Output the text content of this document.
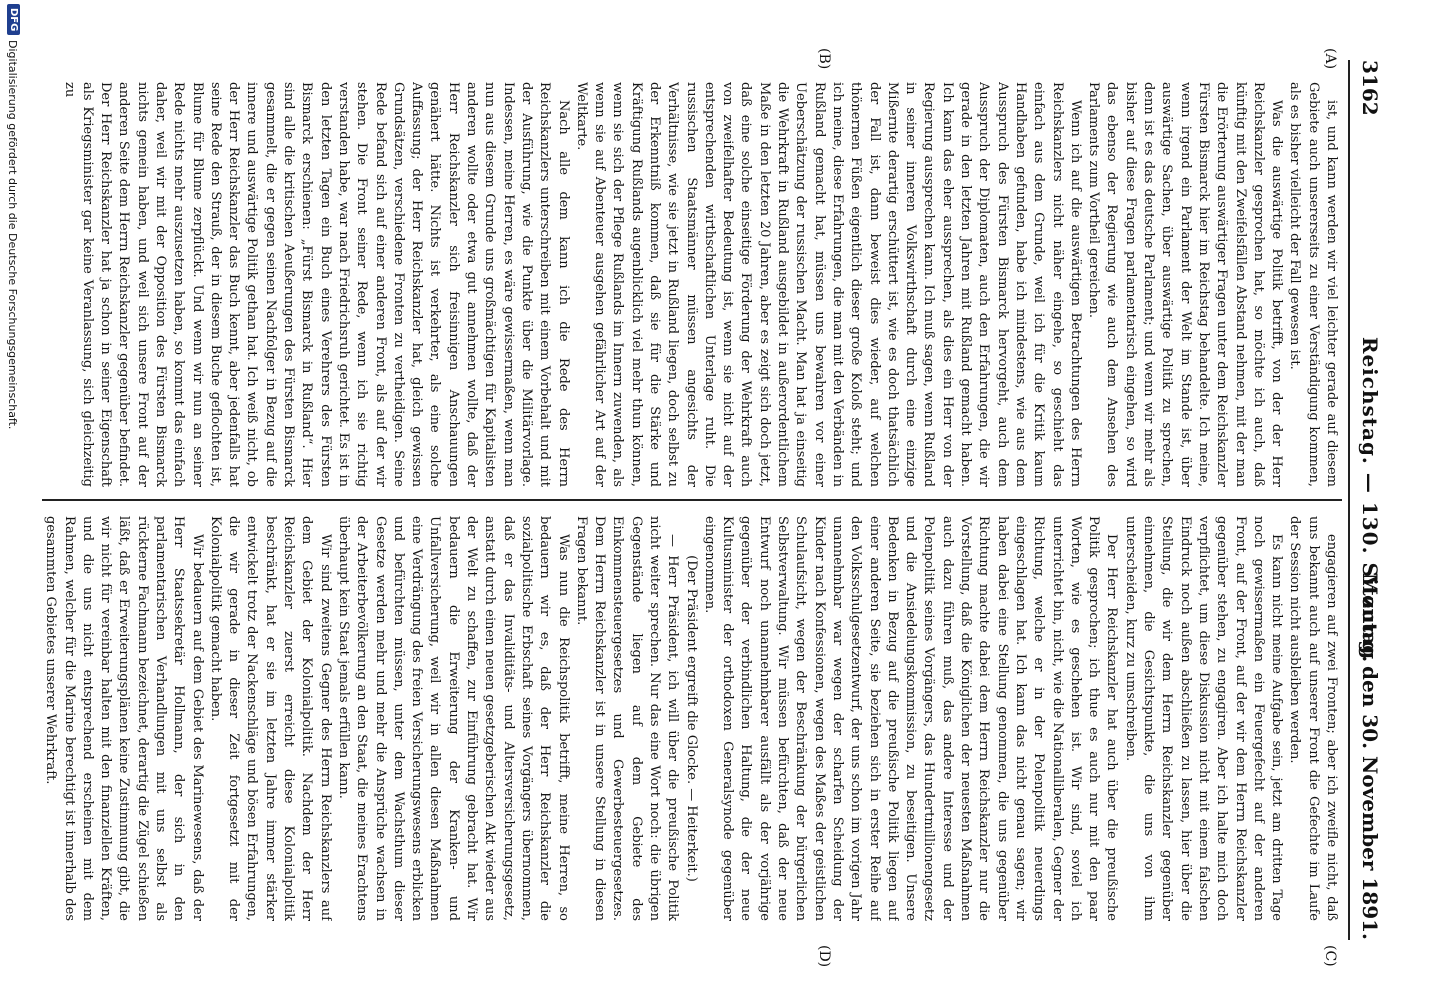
3162
Reichstag. — 130. Sitzung.
Montag den 30. November 1891.
(A)
(B)
(C)
(D)

ist, und kann werden wir viel leichter gerade auf diesem Gebiete auch unsererseits zu einer Verständigung kommen, als es bisher vielleicht der Fall gewesen ist.

Was die auswärtige Politik betrifft, von der der Herr Reichskanzler gesprochen hat, so möchte ich auch, daß künftig mit den Zweifelsfällen Abstand nehmen, mit der man die Erörterung auswärtiger Fragen unter dem Reichskanzler Fürsten Bismarck hier im Reichstag behandelte. Ich meine, wenn irgend ein Parlament der Welt im Stande ist, über auswärtige Sachen, über auswärtige Politik zu sprechen, denn ist es das deutsche Parlament; und wenn wir mehr als bisher auf diese Fragen parlamentarisch eingehen, so wird das ebenso der Regierung wie auch dem Ansehen des Parlaments zum Vortheil gereichen.

Wenn ich auf die auswärtigen Betrachtungen des Herrn Reichskanzlers nicht näher eingehe, so geschieht das einfach aus dem Grunde, weil ich für die Kritik kaum Handhaben gefunden, habe ich mindestens, wie aus dem Ausspruch des Fürsten Bismarck hervorgeht, auch dem Ausspruch der Diplomaten, auch den Erfahrungen, die wir gerade in den letzten Jahren mit Rußland gemacht haben. Ich kann das eher aussprechen, als dies ein Herr von der Regierung aussprechen kann. Ich muß sagen, wenn Rußland in seiner inneren Volkswirthschaft durch eine einzige Mißernte derartig erschüttert ist, wie es doch thatsächlich der Fall ist, dann beweist dies wieder, auf welchen thönernen Füßen eigentlich dieser große Koloß steht; und ich meine, diese Erfahrungen, die man mit den Verbänden in Rußland gemacht hat, müssen uns bewahren vor einer Ueberschätzung der russischen Macht. Man hat ja einseitig die Wehrkraft in Rußland ausgebildet in außerordentlichem Maße in den letzten 20 Jahren, aber es zeigt sich doch jetzt, daß eine solche einseitige Förderung der Wehrkraft auch von zweifelhafter Bedeutung ist, wenn sie nicht auf der entsprechenden wirthschaftlichen Unterlage ruht. Die russischen Staatsmänner müssen angesichts der Verhältnisse, wie sie jetzt in Rußland liegen, doch selbst zu der Erkenntniß kommen, daß sie für die Stärke und Kräftigung Rußlands augenblicklich viel mehr thun können, wenn sie sich der Pflege Rußlands im Innern zuwenden, als wenn sie auf Abenteuer ausgehen gefährlicher Art auf der Weltkarte.

Nach alle dem kann ich die Rede des Herrn Reichskanzlers unterschreiben mit einem Vorbehalt und mit der Ausführung, wie die Punkte über die Militärvorlage. Indessen, meine Herren, es wäre gewissermaßen, wenn man nun aus diesem Grunde uns großmächtigen für Kapitalisten anderen wollte oder etwa gut annehmen wollte, daß der Herr Reichskanzler sich freisinnigen Anschauungen genähert hätte. Nichts ist verkehrter, als eine solche Auffassung; der Herr Reichskanzler hat, gleich gewissen Grundsätzen, verschiedene Fronten zu vertheidigen. Seine Rede befand sich auf einer anderen Front, als auf der wir stehen. Die Front seiner Rede, wenn ich sie richtig verstanden habe, war nach Friedrichsruh gerichtet. Es ist in den letzten Tagen ein Buch eines Verehrers des Fürsten Bismarck erschienen: „Fürst Bismarck in Rußland“. Hier sind alle die kritischen Aeußerungen des Fürsten Bismarck gesammelt, die er gegen seinen Nachfolger in Bezug auf die innere und auswärtige Politik gethan hat. Ich weiß nicht, ob der Herr Reichskanzler das Buch kennt, aber jedenfalls hat seine Rede den Strauß, der in diesem Buche geflochten ist, Blume für Blume zerpflückt. Und wenn wir nun an seiner Rede nichts mehr auszusetzen haben, so kommt das einfach daher, weil wir mit der Opposition des Fürsten Bismarck nichts gemein haben, und weil sich unsere Front auf der anderen Seite dem Herrn Reichskanzler gegenüber befindet. Der Herr Reichskanzler hat ja schon in seiner Eigenschaft als Kriegsminister gar keine Veranlassung, sich gleichzeitig zu

engagieren auf zwei Fronten; aber ich zweifle nicht, daß uns bekannt auch auf unserer Front die Gefechte im Laufe der Session nicht ausbleiben werden.

Es kann nicht meine Aufgabe sein, jetzt am dritten Tage noch gewissermaßen ein Feuergefecht auf der anderen Front, auf der Front, auf der wir dem Herrn Reichskanzler gegenüber stehen, zu engagiren. Aber ich halte mich doch verpflichtet, um diese Diskussion nicht mit einem falschen Eindruck noch außen abschließen zu lassen, hier über die Stellung, die wir dem Herrn Reichskanzler gegenüber einnehmen, die Gesichtspunkte, die uns von ihm unterscheiden, kurz zu umschreiben.

Der Herr Reichskanzler hat auch über die preußische Politik gesprochen; ich thue es auch nur mit den paar Worten, wie es geschehen ist. Wir sind, soviel ich unterrichtet bin, nicht, wie die Nationalliberalen, Gegner der Richtung, welche er in der Polenpolitik neuerdings eingeschlagen hat. Ich kann das nicht genau sagen; wir haben dabei eine Stellung genommen, die uns gegenüber Richtung machte dabei dem Herrn Reichskanzler nur die Vorstellung, daß die Königlichen der neuesten Maßnahmen auch dazu führen muß, das andere Interesse und der Polenpolitik seines Vorgängers, das Hundertmillionengesetz und die Ansiedelungskommission, zu beseitigen. Unsere Bedenken in Bezug auf die preußische Politik liegen auf einer anderen Seite, sie beziehen sich in erster Reihe auf den Volksschulgesetzentwurf, der uns schon im vorigen Jahr unannehmbar war wegen der scharfen Scheidung der Kinder nach Konfessionen, wegen des Maßes der geistlichen Schulaufsicht, wegen der Beschränkung der bürgerlichen Selbstverwaltung. Wir müssen befürchten, daß der neue Entwurf noch unannehmbarer ausfällt als der vorjährige gegenüber der verbindlichen Haltung, die der neue Kultusminister der orthodoxen Generalsynode gegenüber eingenommen.

(Der Präsident ergreift die Glocke. — Heiterkeit.)

— Herr Präsident, ich will über die preußische Politik nicht weiter sprechen. Nur das eine Wort noch: die übrigen Gegenstände liegen auf dem Gebiete des Einkommensteuergesetzes und Gewerbesteuergesetzes. Dem Herrn Reichskanzler ist in unsere Stellung in diesen Fragen bekannt.

Was nun die Reichspolitik betrifft, meine Herren, so bedauern wir es, daß der Herr Reichskanzler die sozialpolitische Erbschaft seines Vorgängers übernommen, daß er das Invaliditäts- und Altersversicherungsgesetz, anstatt durch einen neuen gesetzgeberischen Akt wieder aus der Welt zu schaffen, zur Einführung gebracht hat. Wir bedauern die Erweiterung der Kranken- und Unfallversicherung, weil wir in allen diesen Maßnahmen eine Verdrängung des freien Versicherungswesens erblicken und befürchten müssen, unter dem Wachsthum dieser Gesetze werden mehr und mehr die Ansprüche wachsen in der Arbeiterbevölkerung an den Staat, die meines Erachtens überhaupt kein Staat jemals erfüllen kann.

Wir sind zweitens Gegner des Herrn Reichskanzlers auf dem Gebiet der Kolonialpolitik. Nachdem der Herr Reichskanzler zuerst erreicht diese Kolonialpolitik beschränkt, hat er sie im letzten Jahre immer stärker entwickelt trotz der Nackenschläge und bösen Erfahrungen, die wir gerade in dieser Zeit fortgesetzt mit der Kolonialpolitik gemacht haben.

Wir bedauern auf dem Gebiet des Marinewesens, daß der Herr Staatssekretär Hollmann, der sich in den parlamentarischen Verhandlungen mit uns selbst als rückterne Fachmann bezeichnet, derartig die Zügel schießen läßt, daß er Erweiterungsplänen keine Zustimmung gibt, die wir nicht für vereinbar halten mit den finanziellen Kräften, und die uns nicht entsprechend erscheinen mit dem Rahmen, welcher für die Marine berechtigt ist innerhalb des gesammten Gebietes unserer Wehrkraft.

DFG
Digitalisierung gefördert durch die Deutsche Forschungsgemeinschaft.
